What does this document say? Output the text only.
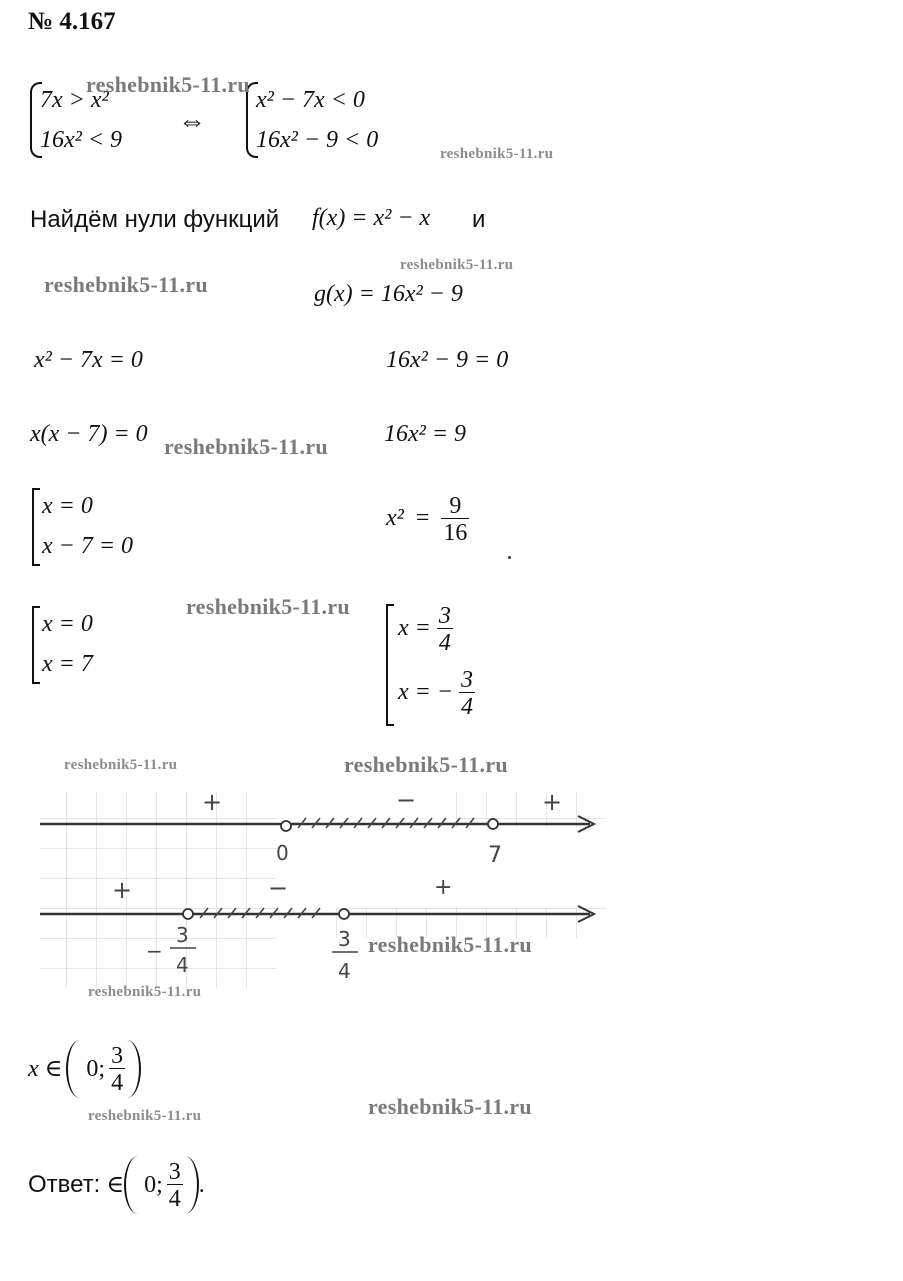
№ 4.167
7x > x²
16x² < 9
⇔
x² − 7x < 0
16x² − 9 < 0
Найдём нули функций f(x) = x² − x и
g(x) = 16x² − 9
x² − 7x = 0
x(x − 7) = 0
x = 0
x − 7 = 0
x = 0
x = 7
16x² − 9 = 0
16x² = 9
$x^2 = \frac{9}{16}$
$x = \frac{3}{4}$
x = − $\frac{3}{4}$
+	−	+
0	7
+	−	+
−
3
4
3
4
x ∈ 0; $\frac{3}{4}$
Ответ: ∈ 0; $\frac{3}{4}$ .
reshebnik5-11.ru
reshebnik5-11.ru
reshebnik5-11.ru
reshebnik5-11.ru
reshebnik5-11.ru
reshebnik5-11.ru
reshebnik5-11.ru	reshebnik5-11.ru
reshebnik5-11.ru
reshebnik5-11.ru
reshebnik5-11.ru	reshebnik5-11.ru
